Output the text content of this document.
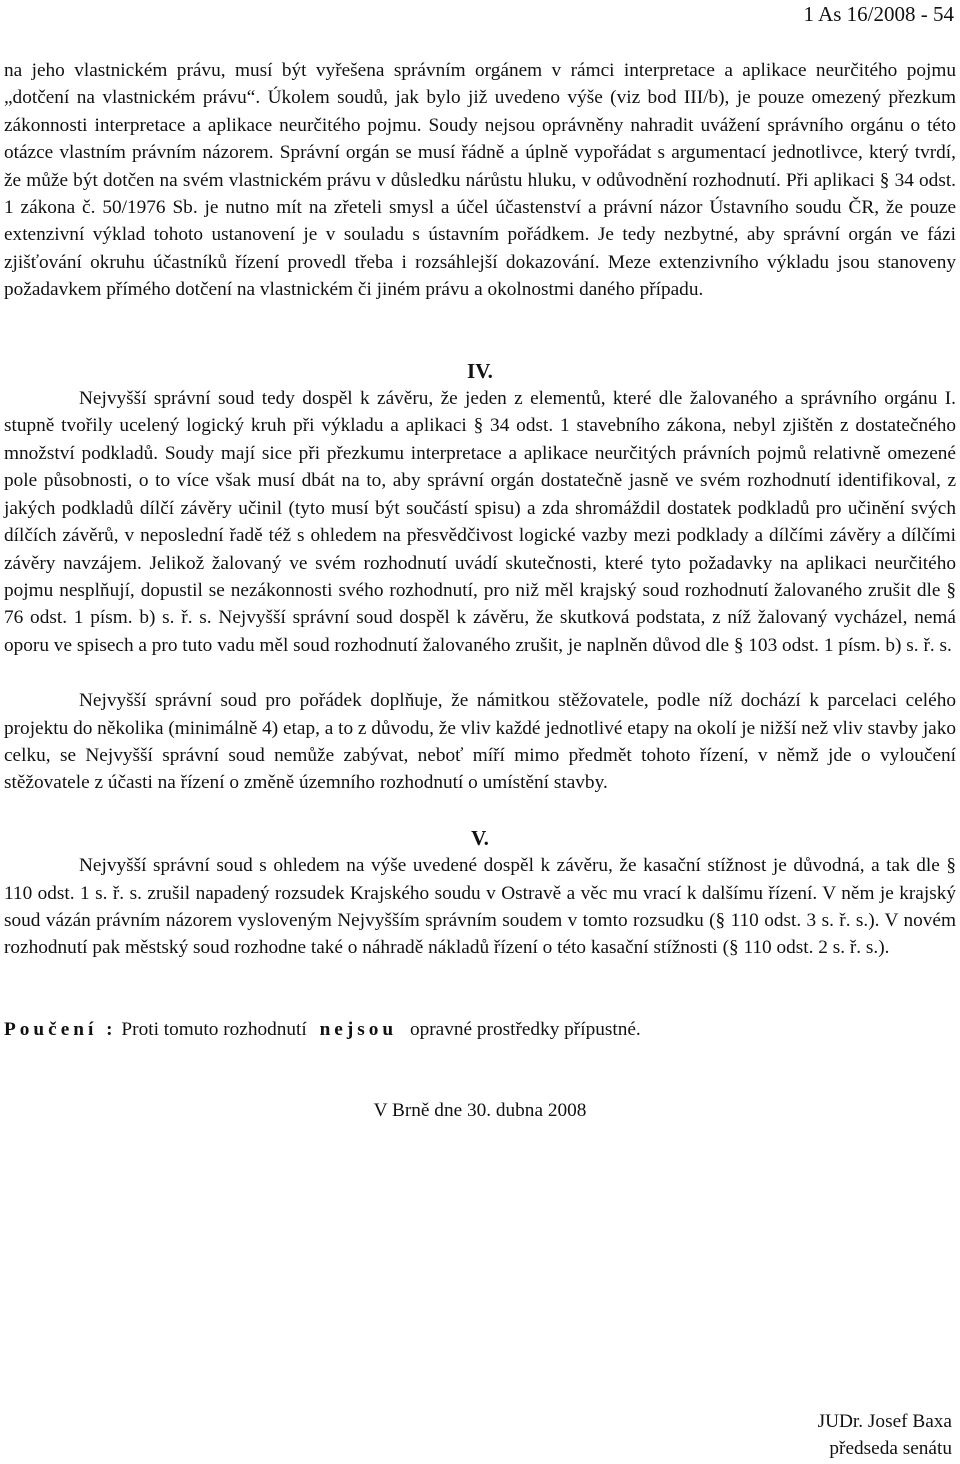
1 As 16/2008 - 54

na jeho vlastnickém právu, musí být vyřešena správním orgánem v rámci interpretace a aplikace neurčitého pojmu „dotčení na vlastnickém právu“. Úkolem soudů, jak bylo již uvedeno výše (viz bod III/b), je pouze omezený přezkum zákonnosti interpretace a aplikace neurčitého pojmu. Soudy nejsou oprávněny nahradit uvážení správního orgánu o této otázce vlastním právním názorem. Správní orgán se musí řádně a úplně vypořádat s argumentací jednotlivce, který tvrdí, že může být dotčen na svém vlastnickém právu v důsledku nárůstu hluku, v odůvodnění rozhodnutí. Při aplikaci § 34 odst. 1 zákona č. 50/1976 Sb. je nutno mít na zřeteli smysl a účel účastenství a právní názor Ústavního soudu ČR, že pouze extenzivní výklad tohoto ustanovení je v souladu s ústavním pořádkem. Je tedy nezbytné, aby správní orgán ve fázi zjišťování okruhu účastníků řízení provedl třeba i rozsáhlejší dokazování. Meze extenzivního výkladu jsou stanoveny požadavkem přímého dotčení na vlastnickém či jiném právu a okolnostmi daného případu.

IV.

Nejvyšší správní soud tedy dospěl k závěru, že jeden z elementů, které dle žalovaného a správního orgánu I. stupně tvořily ucelený logický kruh při výkladu a aplikaci § 34 odst. 1 stavebního zákona, nebyl zjištěn z dostatečného množství podkladů. Soudy mají sice při přezkumu interpretace a aplikace neurčitých právních pojmů relativně omezené pole působnosti, o to více však musí dbát na to, aby správní orgán dostatečně jasně ve svém rozhodnutí identifikoval, z jakých podkladů dílčí závěry učinil (tyto musí být součástí spisu) a zda shromáždil dostatek podkladů pro učinění svých dílčích závěrů, v neposlední řadě též s ohledem na přesvědčivost logické vazby mezi podklady a dílčími závěry a dílčími závěry navzájem. Jelikož žalovaný ve svém rozhodnutí uvádí skutečnosti, které tyto požadavky na aplikaci neurčitého pojmu nesplňují, dopustil se nezákonnosti svého rozhodnutí, pro niž měl krajský soud rozhodnutí žalovaného zrušit dle § 76 odst. 1 písm. b) s. ř. s. Nejvyšší správní soud dospěl k závěru, že skutková podstata, z níž žalovaný vycházel, nemá oporu ve spisech a pro tuto vadu měl soud rozhodnutí žalovaného zrušit, je naplněn důvod dle § 103 odst. 1 písm. b) s. ř. s.

Nejvyšší správní soud pro pořádek doplňuje, že námitkou stěžovatele, podle níž dochází k parcelaci celého projektu do několika (minimálně 4) etap, a to z důvodu, že vliv každé jednotlivé etapy na okolí je nižší než vliv stavby jako celku, se Nejvyšší správní soud nemůže zabývat, neboť míří mimo předmět tohoto řízení, v němž jde o vyloučení stěžovatele z účasti na řízení o změně územního rozhodnutí o umístění stavby.

V.

Nejvyšší správní soud s ohledem na výše uvedené dospěl k závěru, že kasační stížnost je důvodná, a tak dle § 110 odst. 1 s. ř. s. zrušil napadený rozsudek Krajského soudu v Ostravě a věc mu vrací k dalšímu řízení. V něm je krajský soud vázán právním názorem vysloveným Nejvyšším správním soudem v tomto rozsudku (§ 110 odst. 3 s. ř. s.). V novém rozhodnutí pak městský soud rozhodne také o náhradě nákladů řízení o této kasační stížnosti (§ 110 odst. 2 s. ř. s.).

Poučení : Proti tomuto rozhodnutí nejsou opravné prostředky přípustné.

V Brně dne 30. dubna 2008

JUDr. Josef Baxa
předseda senátu
